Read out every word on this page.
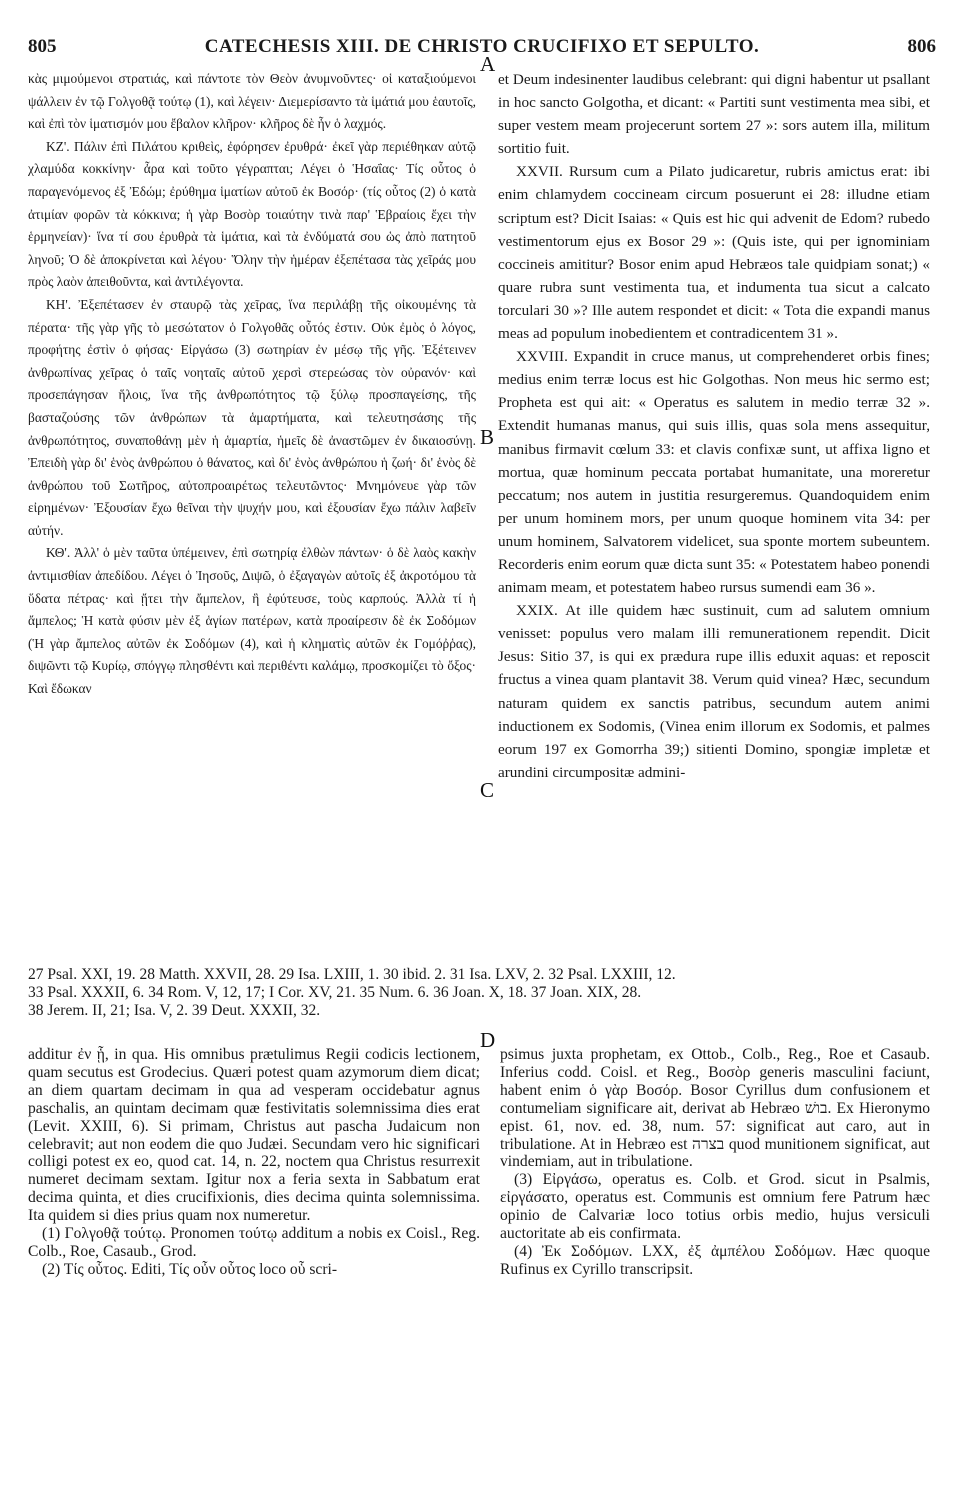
805	CATECHESIS XIII. DE CHRISTO CRUCIFIXO ET SEPULTO.	806

κὰς μιμούμενοι στρατιάς, καὶ πάντοτε τὸν Θεὸν ἀνυμνοῦντες· οἱ καταξιούμενοι ψάλλειν ἐν τῷ Γολγοθᾷ τούτῳ (1), καὶ λέγειν· Διεμερίσαντο τὰ ἱμάτιά μου ἑαυτοῖς, καὶ ἐπὶ τὸν ἱματισμόν μου ἔβαλον κλῆρον· κλῆρος δὲ ἦν ὁ λαχμός.

ΚΖ'. Πάλιν ἐπὶ Πιλάτου κριθεὶς, ἐφόρησεν ἐρυθρά· ἐκεῖ γὰρ περιέθηκαν αὐτῷ χλαμύδα κοκκίνην· ἆρα καὶ τοῦτο γέγραπται; Λέγει ὁ Ἡσαΐας· Τίς οὗτος ὁ παραγενόμενος ἐξ Ἐδώμ; ἐρύθημα ἱματίων αὐτοῦ ἐκ Βοσόρ· (τίς οὗτος (2) ὁ κατὰ ἀτιμίαν φορῶν τὰ κόκκινα; ἡ γὰρ Βοσὸρ τοιαύτην τινὰ παρ' Ἑβραίοις ἔχει τὴν ἑρμηνείαν)· ἵνα τί σου ἐρυθρὰ τὰ ἱμάτια, καὶ τὰ ἐνδύματά σου ὡς ἀπὸ πατητοῦ ληνοῦ; Ὁ δὲ ἀποκρίνεται καὶ λέγου· Ὅλην τὴν ἡμέραν ἐξεπέτασα τὰς χεῖράς μου πρὸς λαὸν ἀπειθοῦντα, καὶ ἀντιλέγοντα.

ΚΗ'. Ἐξεπέτασεν ἐν σταυρῷ τὰς χεῖρας, ἵνα περιλάβῃ τῆς οἰκουμένης τὰ πέρατα· τῆς γὰρ γῆς τὸ μεσώτατον ὁ Γολγοθᾶς οὗτός ἐστιν. Οὐκ ἐμὸς ὁ λόγος, προφήτης ἐστὶν ὁ φήσας· Εἰργάσω (3) σωτηρίαν ἐν μέσῳ τῆς γῆς. Ἐξέτεινεν ἀνθρωπίνας χεῖρας ὁ ταῖς νοηταῖς αὐτοῦ χερσὶ στερεώσας τὸν οὐρανόν· καὶ προσεπάγησαν ἥλοις, ἵνα τῆς ἀνθρωπότητος τῷ ξύλῳ προσπαγείσης, τῆς βασταζούσης τῶν ἀνθρώπων τὰ ἁμαρτήματα, καὶ τελευτησάσης τῆς ἀνθρωπότητος, συναποθάνῃ μὲν ἡ ἁμαρτία, ἡμεῖς δὲ ἀναστῶμεν ἐν δικαιοσύνῃ. Ἐπειδὴ γὰρ δι' ἑνὸς ἀνθρώπου ὁ θάνατος, καὶ δι' ἑνὸς ἀνθρώπου ἡ ζωή· δι' ἑνὸς δὲ ἀνθρώπου τοῦ Σωτῆρος, αὐτοπροαιρέτως τελευτῶντος· Μνημόνευε γὰρ τῶν εἰρημένων· Ἐξουσίαν ἔχω θεῖναι τὴν ψυχήν μου, καὶ ἐξουσίαν ἔχω πάλιν λαβεῖν αὐτήν.

ΚΘ'. Ἀλλ' ὁ μὲν ταῦτα ὑπέμεινεν, ἐπὶ σωτηρίᾳ ἐλθὼν πάντων· ὁ δὲ λαὸς κακὴν ἀντιμισθίαν ἀπεδίδου. Λέγει ὁ Ἰησοῦς, Διψῶ, ὁ ἐξαγαγὼν αὐτοῖς ἐξ ἀκροτόμου τὰ ὕδατα πέτρας· καὶ ᾔτει τὴν ἄμπελον, ἣ ἐφύτευσε, τοὺς καρπούς. Ἀλλὰ τί ἡ ἄμπελος; Ἡ κατὰ φύσιν μὲν ἐξ ἁγίων πατέρων, κατὰ προαίρεσιν δὲ ἐκ Σοδόμων (Ἡ γὰρ ἄμπελος αὐτῶν ἐκ Σοδόμων (4), καὶ ἡ κληματὶς αὐτῶν ἐκ Γομόῤῥας), διψῶντι τῷ Κυρίῳ, σπόγγῳ πλησθέντι καὶ περιθέντι καλάμῳ, προσκομίζει τὸ ὄξος· Καὶ ἔδωκαν

et Deum indesinenter laudibus celebrant: qui digni habentur ut psallant in hoc sancto Golgotha, et dicant: « Partiti sunt vestimenta mea sibi, et super vestem meam projecerunt sortem 27 »: sors autem illa, militum sortitio fuit.

XXVII. Rursum cum a Pilato judicaretur, rubris amictus erat: ibi enim chlamydem coccineam circum posuerunt ei 28: illudne etiam scriptum est? Dicit Isaias: « Quis est hic qui advenit de Edom? rubedo vestimentorum ejus ex Bosor 29 »: (Quis iste, qui per ignominiam coccineis amititur? Bosor enim apud Hebræos tale quidpiam sonat;) « quare rubra sunt vestimenta tua, et indumenta tua sicut a calcato torculari 30 »? Ille autem respondet et dicit: « Tota die expandi manus meas ad populum inobedientem et contradicentem 31 ».

XXVIII. Expandit in cruce manus, ut comprehenderet orbis fines; medius enim terræ locus est hic Golgothas. Non meus hic sermo est; Propheta est qui ait: « Operatus es salutem in medio terræ 32 ». Extendit humanas manus, qui suis illis, quas sola mens assequitur, manibus firmavit cœlum 33: et clavis confixæ sunt, ut affixa ligno et mortua, quæ hominum peccata portabat humanitate, una moreretur peccatum; nos autem in justitia resurgeremus. Quandoquidem enim per unum hominem mors, per unum quoque hominem vita 34: per unum hominem, Salvatorem videlicet, sua sponte mortem subeuntem. Recorderis enim eorum quæ dicta sunt 35: « Potestatem habeo ponendi animam meam, et potestatem habeo rursus sumendi eam 36 ».

XXIX. At ille quidem hæc sustinuit, cum ad salutem omnium venisset: populus vero malam illi remunerationem rependit. Dicit Jesus: Sitio 37, is qui ex prædura rupe illis eduxit aquas: et reposcit fructus a vinea quam plantavit 38. Verum quid vinea? Hæc, secundum naturam quidem ex sanctis patribus, secundum autem animi inductionem ex Sodomis, (Vinea enim illorum ex Sodomis, et palmes eorum 197 ex Gomorrha 39;) sitienti Domino, spongiæ impletæ et arundini circumpositæ admini-

A
B
C
D
27 Psal. XXI, 19. 28 Matth. XXVII, 28. 29 Isa. LXIII, 1. 30 ibid. 2. 31 Isa. LXV, 2. 32 Psal. LXXIII, 12.
33 Psal. XXXII, 6. 34 Rom. V, 12, 17; I Cor. XV, 21. 35 Num. 6. 36 Joan. X, 18. 37 Joan. XIX, 28.
38 Jerem. II, 21; Isa. V, 2. 39 Deut. XXXII, 32.

additur ἐν ᾗ, in qua. His omnibus prætulimus Regii codicis lectionem, quam secutus est Grodecius. Quæri potest quam azymorum diem dicat; an diem quartam decimam in qua ad vesperam occidebatur agnus paschalis, an quintam decimam quæ festivitatis solemnissima dies erat (Levit. XXIII, 6). Si primam, Christus aut pascha Judaicum non celebravit; aut non eodem die quo Judæi. Secundam vero hic significari colligi potest ex eo, quod cat. 14, n. 22, noctem qua Christus resurrexit numeret decimam sextam. Igitur nox a feria sexta in Sabbatum erat decima quinta, et dies crucifixionis, dies decima quinta solemnissima. Ita quidem si dies prius quam nox numeretur.

(1) Γολγοθᾷ τούτῳ. Pronomen τούτῳ additum a nobis ex Coisl., Reg. Colb., Roe, Casaub., Grod.

(2) Τίς οὗτος. Editi, Τίς οὖν οὗτος loco οὗ scri-

psimus juxta prophetam, ex Ottob., Colb., Reg., Roe et Casaub. Inferius codd. Coisl. et Reg., Βοσὸρ generis masculini faciunt, habent enim ὁ γὰρ Βοσόρ. Bosor Cyrillus dum confusionem et contumeliam significare ait, derivat ab Hebræo בושׁ. Ex Hieronymo epist. 61, nov. ed. 38, num. 57: significat aut caro, aut in tribulatione. At in Hebræo est בצרה quod munitionem significat, aut vindemiam, aut in tribulatione.

(3) Εἰργάσω, operatus es. Colb. et Grod. sicut in Psalmis, εἰργάσατο, operatus est. Communis est omnium fere Patrum hæc opinio de Calvariæ loco totius orbis medio, hujus versiculi auctoritate ab eis confirmata.

(4) Ἐκ Σοδόμων. LXX, ἐξ ἀμπέλου Σοδόμων. Hæc quoque Rufinus ex Cyrillo transcripsit.
